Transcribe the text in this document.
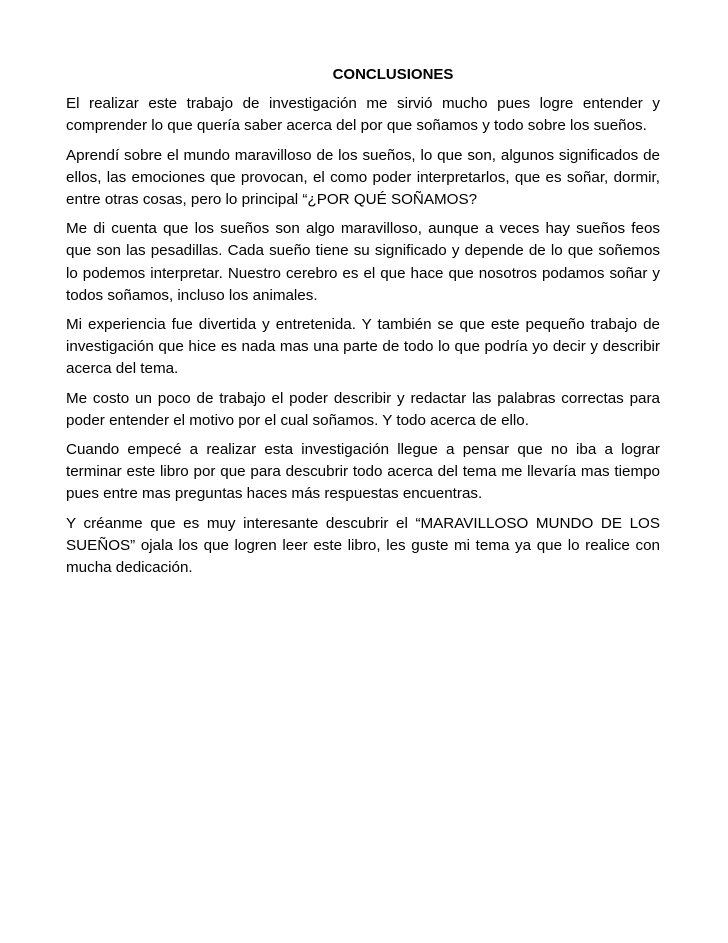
CONCLUSIONES

El realizar este trabajo de investigación me sirvió mucho pues logre entender y comprender lo que quería saber acerca del por que soñamos y todo sobre los sueños.

Aprendí sobre el mundo maravilloso de los sueños, lo que son, algunos significados de ellos, las emociones que provocan, el como poder interpretarlos, que es soñar, dormir, entre otras cosas, pero lo principal “¿POR QUÉ SOÑAMOS?

Me di cuenta que los sueños son algo maravilloso, aunque a veces hay sueños feos que son las pesadillas. Cada sueño tiene su significado y depende de lo que soñemos lo podemos interpretar. Nuestro cerebro es el que hace que nosotros podamos soñar y todos soñamos, incluso los animales.

Mi experiencia fue divertida y entretenida. Y también se que este pequeño trabajo de investigación que hice es nada mas una parte de todo lo que podría yo decir y describir acerca del tema.

Me costo un poco de trabajo el poder describir y redactar las palabras correctas para poder entender el motivo por el cual soñamos. Y todo acerca de ello.

Cuando empecé a realizar esta investigación llegue a pensar que no iba a lograr terminar este libro por que para descubrir todo acerca del tema me llevaría mas tiempo pues entre mas preguntas haces más respuestas encuentras.

Y créanme que es muy interesante descubrir el “MARAVILLOSO MUNDO DE LOS SUEÑOS” ojala los que logren leer este libro, les guste mi tema ya que lo realice con mucha dedicación.
